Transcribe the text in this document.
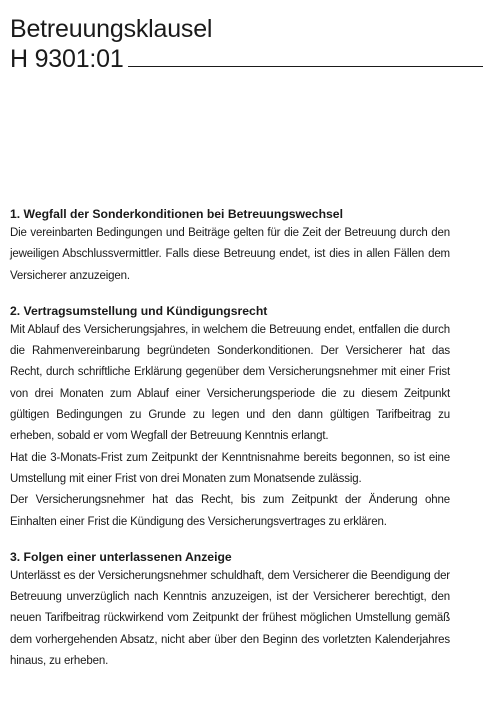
Betreuungsklausel
H 9301:01
1. Wegfall der Sonderkonditionen bei Betreuungswechsel

Die vereinbarten Bedingungen und Beiträge gelten für die Zeit der Betreuung durch den jeweiligen Abschlussvermittler. Falls diese Betreuung endet, ist dies in allen Fällen dem Versicherer anzuzeigen.

2. Vertragsumstellung und Kündigungsrecht

Mit Ablauf des Versicherungsjahres, in welchem die Betreuung endet, entfallen die durch die Rahmenvereinbarung begründeten Sonderkonditionen. Der Versicherer hat das Recht, durch schriftliche Erklärung gegenüber dem Versicherungsnehmer mit einer Frist von drei Monaten zum Ablauf einer Versicherungsperiode die zu diesem Zeitpunkt gültigen Bedingungen zu Grunde zu legen und den dann gültigen Tarifbeitrag zu erheben, sobald er vom Wegfall der Betreuung Kenntnis erlangt.

Hat die 3-Monats-Frist zum Zeitpunkt der Kenntnisnahme bereits begonnen, so ist eine Umstellung mit einer Frist von drei Monaten zum Monatsende zulässig.

Der Versicherungsnehmer hat das Recht, bis zum Zeitpunkt der Änderung ohne Einhalten einer Frist die Kündigung des Versicherungsvertrages zu erklären.

3. Folgen einer unterlassenen Anzeige

Unterlässt es der Versicherungsnehmer schuldhaft, dem Versicherer die Beendigung der Betreuung unverzüglich nach Kenntnis anzuzeigen, ist der Versicherer berechtigt, den neuen Tarifbeitrag rückwirkend vom Zeitpunkt der frühest möglichen Umstellung gemäß dem vorhergehenden Absatz, nicht aber über den Beginn des vorletzten Kalenderjahres hinaus, zu erheben.
